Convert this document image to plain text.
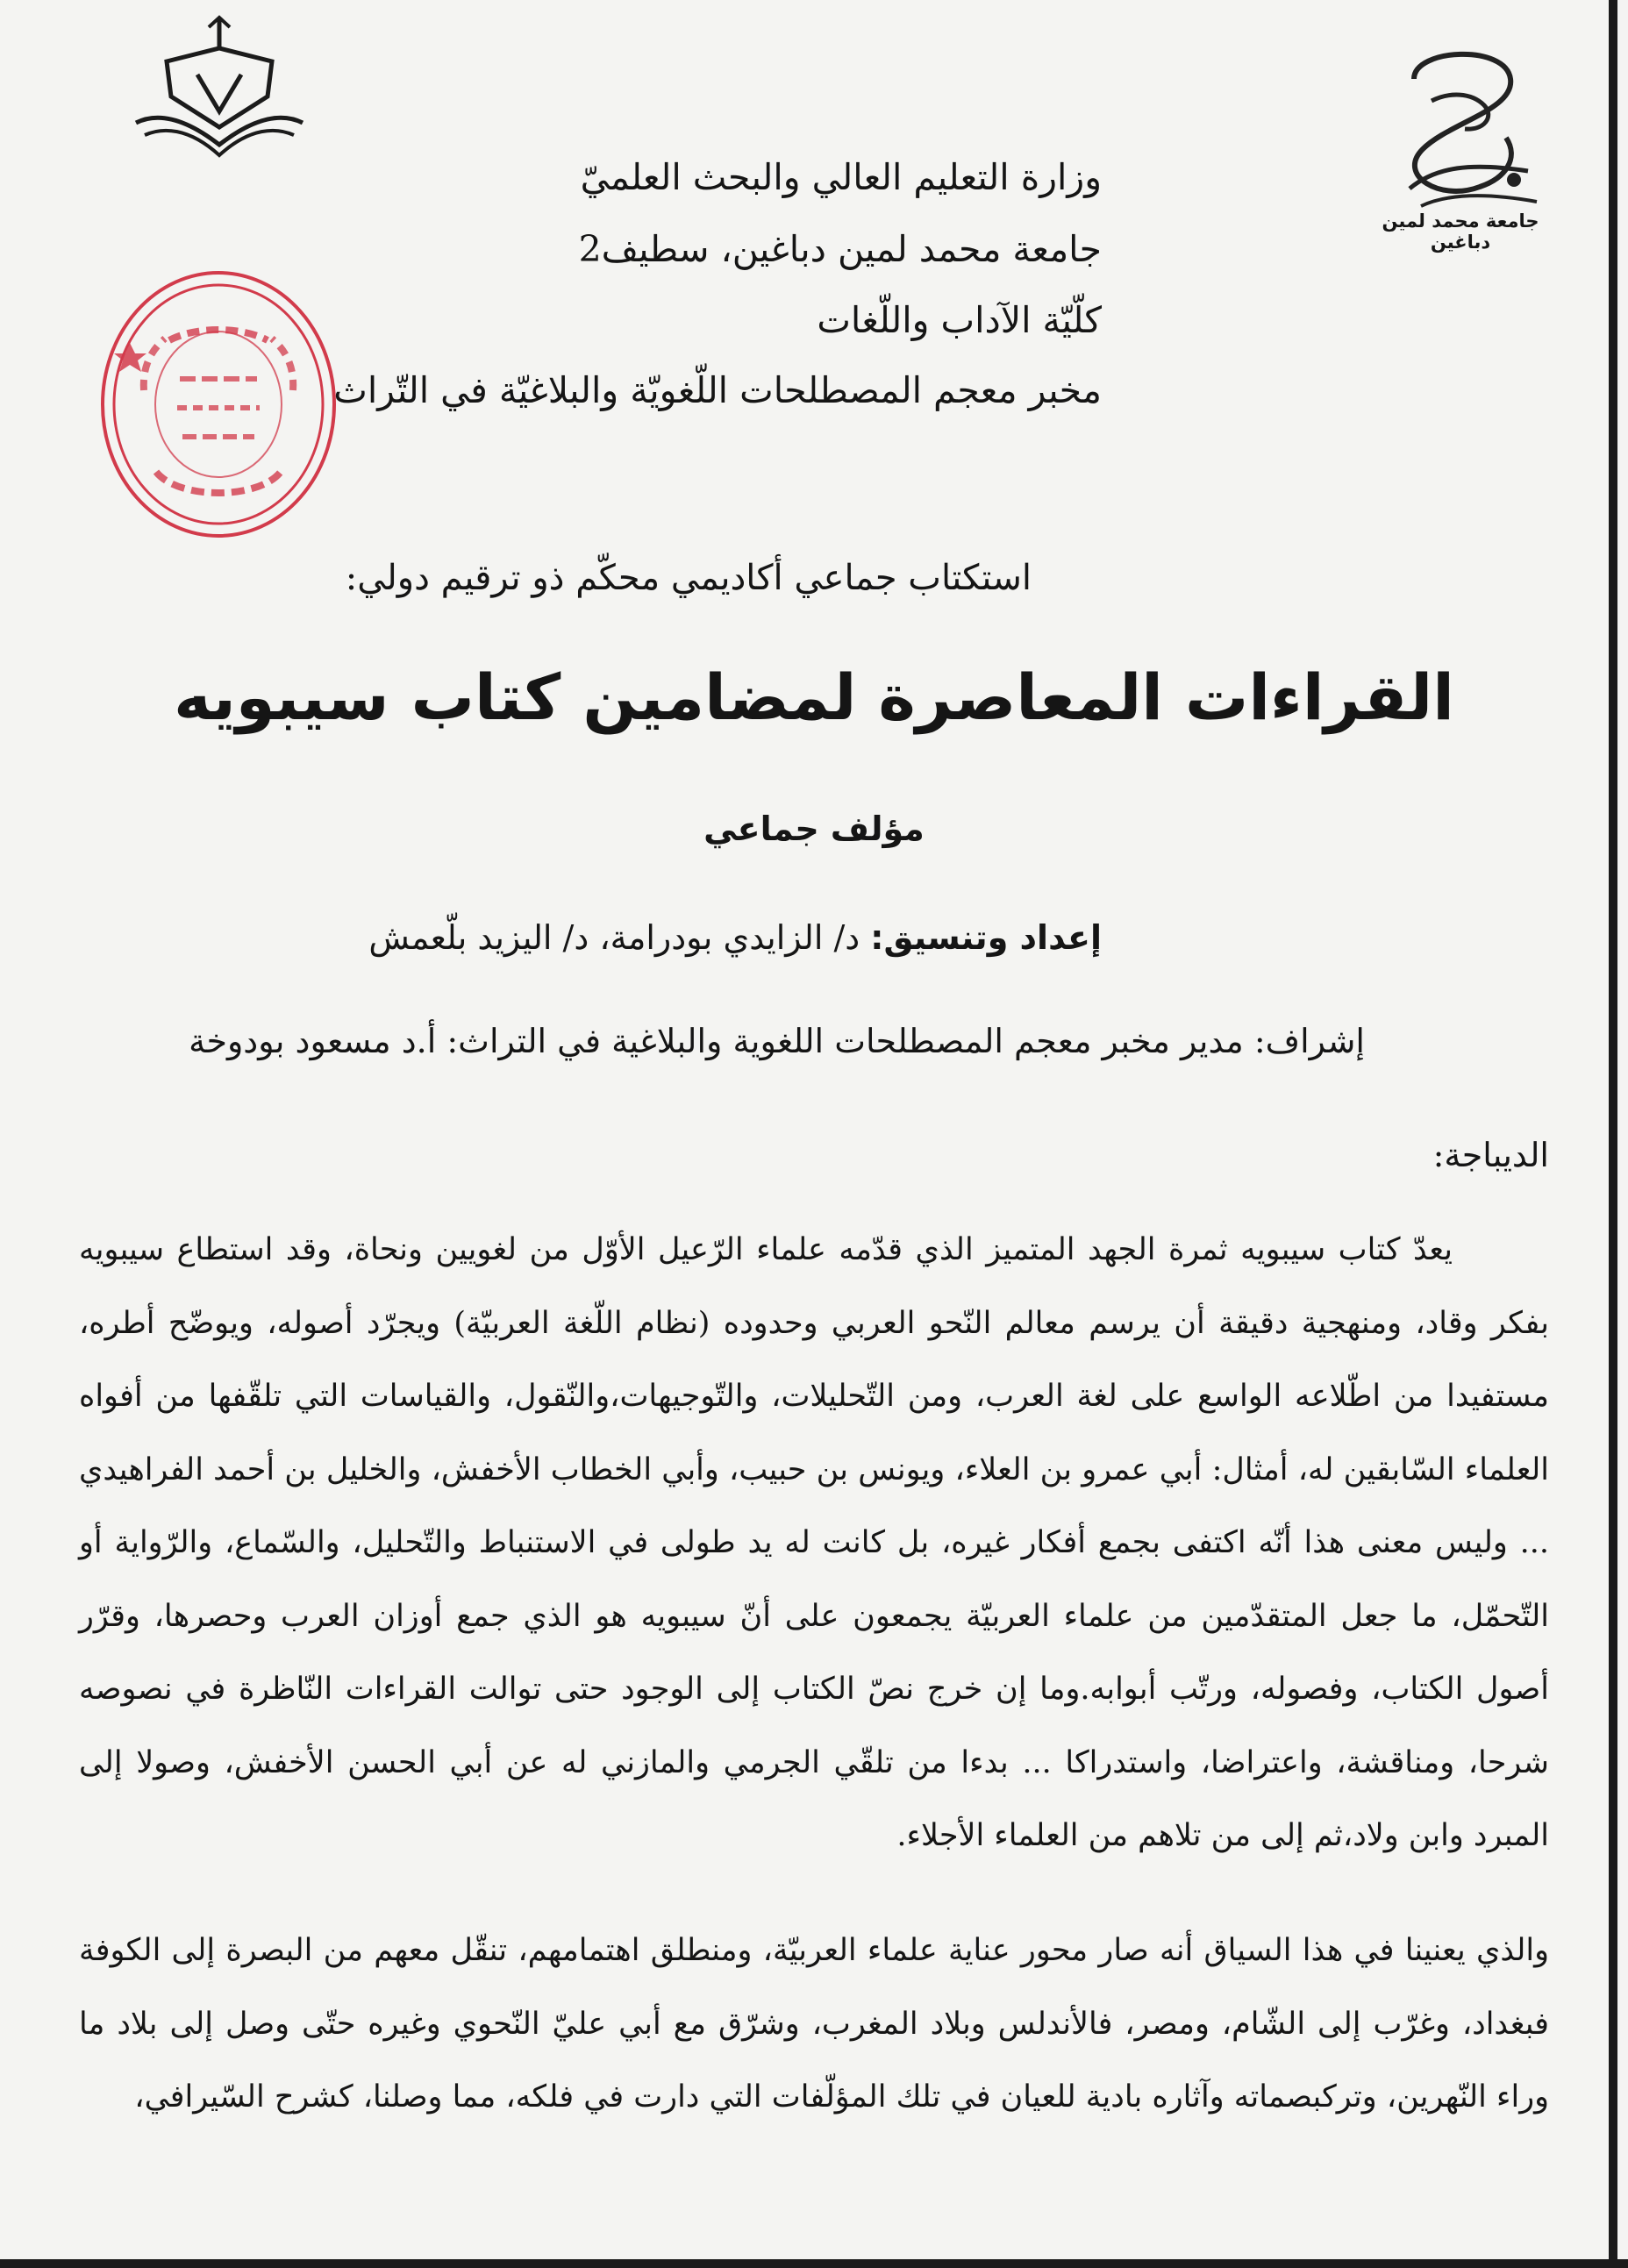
جامعة محمد لمين دباغين
وزارة التعليم العالي والبحث العلميّ
جامعة محمد لمين دباغين، سطيف2
كلّيّة الآداب واللّغات
مخبر معجم المصطلحات اللّغويّة والبلاغيّة في التّراث
استكتاب جماعي أكاديمي محكّم ذو ترقيم دولي:
القراءات المعاصرة لمضامين كتاب سيبويه
مؤلف جماعي
إعداد وتنسيق: د/ الزايدي بودرامة، د/ اليزيد بلّعمش
إشراف: مدير مخبر معجم المصطلحات اللغوية والبلاغية في التراث: أ.د مسعود بودوخة
الديباجة:
يعدّ كتاب سيبويه ثمرة الجهد المتميز الذي قدّمه علماء الرّعيل الأوّل من لغويين ونحاة، وقد استطاع سيبويه بفكر وقاد، ومنهجية دقيقة أن يرسم معالم النّحو العربي وحدوده (نظام اللّغة العربيّة) ويجرّد أصوله، ويوضّح أطره، مستفيدا من اطّلاعه الواسع على لغة العرب، ومن التّحليلات، والتّوجيهات،والنّقول، والقياسات التي تلقّفها من أفواه العلماء السّابقين له، أمثال: أبي عمرو بن العلاء، ويونس بن حبيب، وأبي الخطاب الأخفش، والخليل بن أحمد الفراهيدي ... وليس معنى هذا أنّه اكتفى بجمع أفكار غيره، بل كانت له يد طولى في الاستنباط والتّحليل، والسّماع، والرّواية أو التّحمّل، ما جعل المتقدّمين من علماء العربيّة يجمعون على أنّ سيبويه هو الذي جمع أوزان العرب وحصرها، وقرّر أصول الكتاب، وفصوله، ورتّب أبوابه.وما إن خرج نصّ الكتاب إلى الوجود حتى توالت القراءات النّاظرة في نصوصه شرحا، ومناقشة، واعتراضا، واستدراكا ... بدءا من تلقّي الجرمي والمازني له عن أبي الحسن الأخفش، وصولا إلى المبرد وابن ولاد،ثم إلى من تلاهم من العلماء الأجلاء.
والذي يعنينا في هذا السياق أنه صار محور عناية علماء العربيّة، ومنطلق اهتمامهم، تنقّل معهم من البصرة إلى الكوفة فبغداد، وغرّب إلى الشّام، ومصر، فالأندلس وبلاد المغرب، وشرّق مع أبي عليّ النّحوي وغيره حتّى وصل إلى بلاد ما وراء النّهرين، وتركبصماته وآثاره بادية للعيان في تلك المؤلّفات التي دارت في فلكه، مما وصلنا، كشرح السّيرافي،
